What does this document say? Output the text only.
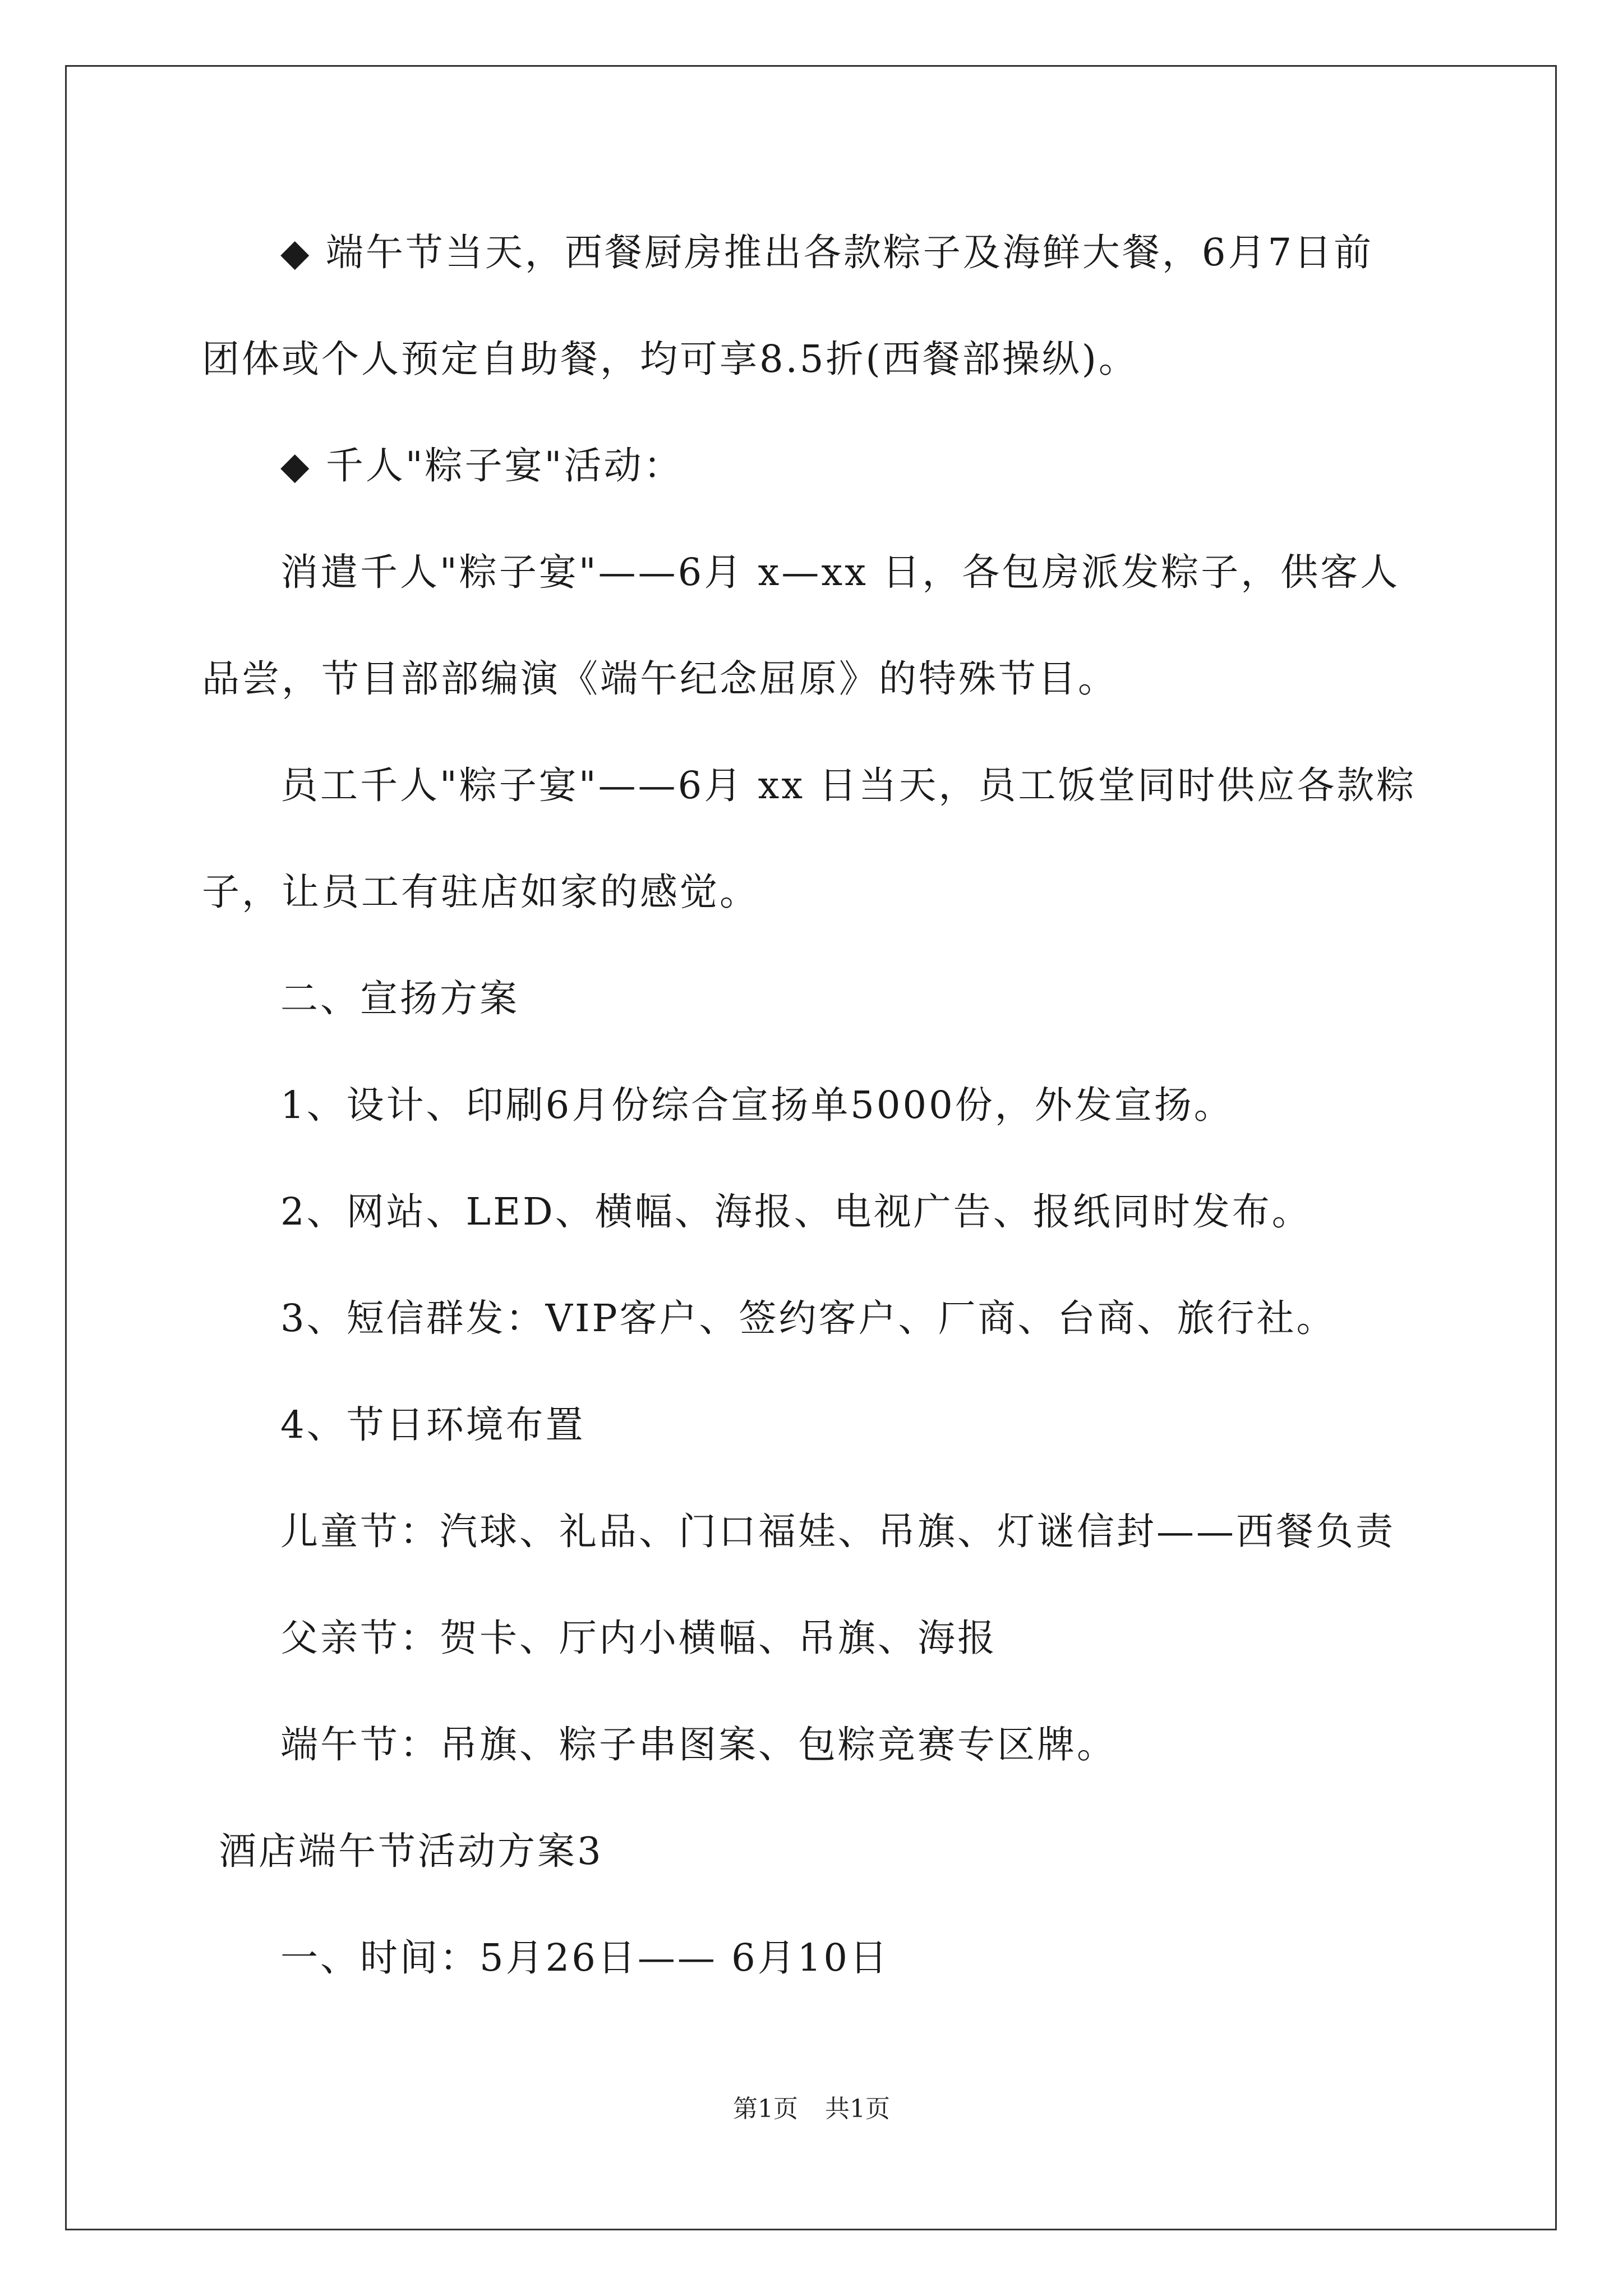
◆ 端午节当天，西餐厨房推出各款粽子及海鲜大餐，6月7日前
团体或个人预定自助餐，均可享8.5折(西餐部操纵)。
◆ 千人"粽子宴"活动：
消遣千人"粽子宴"——6月 x—xx 日，各包房派发粽子，供客人
品尝，节目部部编演《端午纪念屈原》的特殊节目。
员工千人"粽子宴"——6月 xx 日当天，员工饭堂同时供应各款粽
子，让员工有驻店如家的感觉。
二、宣扬方案
1、设计、印刷6月份综合宣扬单5000份，外发宣扬。
2、网站、LED、横幅、海报、电视广告、报纸同时发布。
3、短信群发：VIP客户、签约客户、厂商、台商、旅行社。
4、节日环境布置
儿童节：汽球、礼品、门口福娃、吊旗、灯谜信封——西餐负责
父亲节：贺卡、厅内小横幅、吊旗、海报
端午节：吊旗、粽子串图案、包粽竞赛专区牌。
酒店端午节活动方案3
一、时间：5月26日—— 6月10日
第1页 共1页
